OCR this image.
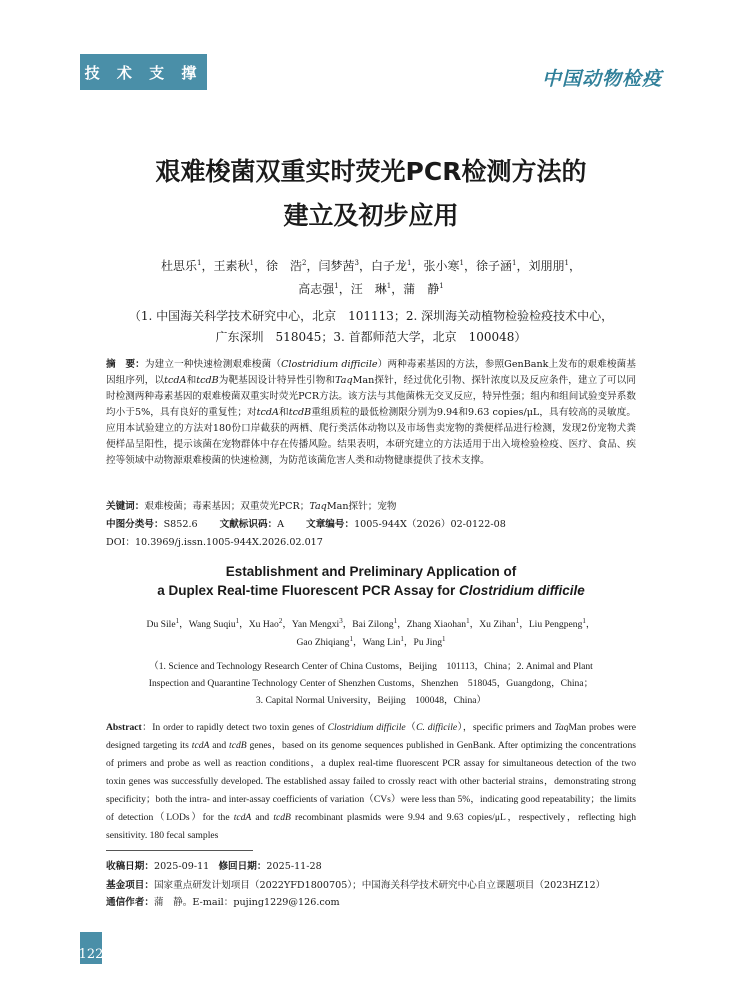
技 术 支 撑	中国动物检疫
艰难梭菌双重实时荧光PCR检测方法的
建立及初步应用
杜思乐$^1$，王素秋$^1$，徐　浩$^2$，闫梦茜$^3$，白子龙$^1$，张小寒$^1$，徐子涵$^1$，刘朋朋$^1$，
高志强$^1$，汪　琳$^1$，蒲　静$^1$
（1. 中国海关科学技术研究中心，北京　101113；2. 深圳海关动植物检验检疫技术中心，
广东深圳　518045；3. 首都师范大学，北京　100048）
摘　要：为建立一种快速检测艰难梭菌（Clostridium difficile）两种毒素基因的方法，参照GenBank上发布的艰难梭菌基因组序列，以tcdA和tcdB为靶基因设计特异性引物和TaqMan探针，经过优化引物、探针浓度以及反应条件，建立了可以同时检测两种毒素基因的艰难梭菌双重实时荧光PCR方法。该方法与其他菌株无交叉反应，特异性强；组内和组间试验变异系数均小于5%，具有良好的重复性；对tcdA和tcdB重组质粒的最低检测限分别为9.94和9.63 copies/μL，具有较高的灵敏度。应用本试验建立的方法对180份口岸截获的两栖、爬行类活体动物以及市场售卖宠物的粪便样品进行检测，发现2份宠物犬粪便样品呈阳性，提示该菌在宠物群体中存在传播风险。结果表明，本研究建立的方法适用于出入境检验检疫、医疗、食品、疾控等领域中动物源艰难梭菌的快速检测，为防范该菌危害人类和动物健康提供了技术支撑。
关键词：艰难梭菌；毒素基因；双重荧光PCR；TaqMan探针；宠物
中图分类号：S852.6 文献标识码：A 文章编号：1005-944X（2026）02-0122-08
DOI：10.3969/j.issn.1005-944X.2026.02.017
Establishment and Preliminary Application of
a Duplex Real-time Fluorescent PCR Assay for Clostridium difficile
Du Sile$^1$，Wang Suqiu$^1$，Xu Hao$^2$，Yan Mengxi$^3$，Bai Zilong$^1$，Zhang Xiaohan$^1$，Xu Zihan$^1$，Liu Pengpeng$^1$，
Gao Zhiqiang$^1$，Wang Lin$^1$，Pu Jing$^1$
（1. Science and Technology Research Center of China Customs，Beijing　101113，China；2. Animal and Plant
Inspection and Quarantine Technology Center of Shenzhen Customs，Shenzhen　518045，Guangdong，China；
3. Capital Normal University，Beijing　100048，China）
Abstract：In order to rapidly detect two toxin genes of Clostridium difficile（C. difficile），specific primers and TaqMan probes were designed targeting its tcdA and tcdB genes，based on its genome sequences published in GenBank. After optimizing the concentrations of primers and probe as well as reaction conditions，a duplex real-time fluorescent PCR assay for simultaneous detection of the two toxin genes was successfully developed. The established assay failed to crossly react with other bacterial strains，demonstrating strong specificity；both the intra- and inter-assay coefficients of variation（CVs）were less than 5%，indicating good repeatability；the limits of detection（LODs）for the tcdA and tcdB recombinant plasmids were 9.94 and 9.63 copies/μL，respectively，reflecting high sensitivity. 180 fecal samples
收稿日期：2025-09-11 修回日期：2025-11-28
基金项目：国家重点研发计划项目（2022YFD1800705）；中国海关科学技术研究中心自立课题项目（2023HZ12）
通信作者：蒲　静。E-mail：pujing1229@126.com
122
